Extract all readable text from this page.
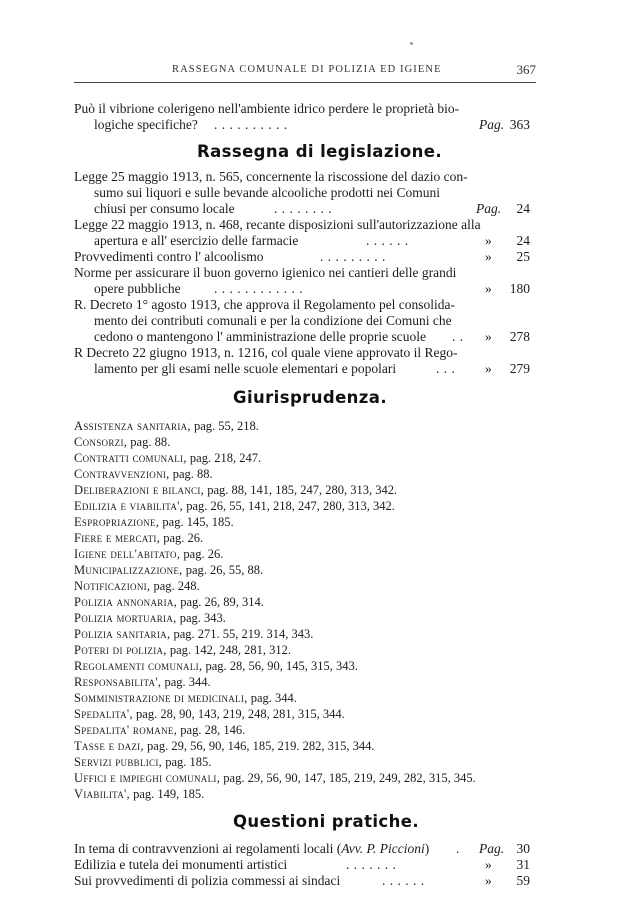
RASSEGNA COMUNALE DI POLIZIA ED IGIENE	367
Può il vibrione colerigeno nell'ambiente idrico perdere le proprietà bio-
logiche specifiche? . . . . . . . . . .	Pag. 363
Rassegna di legislazione.
Legge 25 maggio 1913, n. 565, concernente la riscossione del dazio con-
sumo sui liquori e sulle bevande alcooliche prodotti nei Comuni
chiusi per consumo locale	. . . . . . . .	Pag. 24
Legge 22 maggio 1913, n. 468, recante disposizioni sull'autorizzazione alla
apertura e all' esercizio delle farmacie	. . . . . .	» 24
Provvedimenti contro l' alcoolismo	. . . . . . . . .	» 25
Norme per assicurare il buon governo igienico nei cantieri delle grandi
opere pubbliche . . . . . . . . . . . .	» 180
R. Decreto 1° agosto 1913, che approva il Regolamento pel consolida-
mento dei contributi comunali e per la condizione dei Comuni che
cedono o mantengono l' amministrazione delle proprie scuole . . » 278
R Decreto 22 giugno 1913, n. 1216, col quale viene approvato il Rego-
lamento per gli esami nelle scuole elementari e popolari	. . . » 279
Giurisprudenza.
Assistenza sanitaria, pag. 55, 218.
Consorzi, pag. 88.
Contratti comunali, pag. 218, 247.
Contravvenzioni, pag. 88.
Deliberazioni e bilanci, pag. 88, 141, 185, 247, 280, 313, 342.
Edilizia e viabilita', pag. 26, 55, 141, 218, 247, 280, 313, 342.
Espropriazione, pag. 145, 185.
Fiere e mercati, pag. 26.
Igiene dell'abitato, pag. 26.
Municipalizzazione, pag. 26, 55, 88.
Notificazioni, pag. 248.
Polizia annonaria, pag. 26, 89, 314.
Polizia mortuaria, pag. 343.
Polizia sanitaria, pag. 271. 55, 219. 314, 343.
Poteri di polizia, pag. 142, 248, 281, 312.
Regolamenti comunali, pag. 28, 56, 90, 145, 315, 343.
Responsabilita', pag. 344.
Somministrazione di medicinali, pag. 344.
Spedalita', pag. 28, 90, 143, 219, 248, 281, 315, 344.
Spedalita' romane, pag. 28, 146.
Tasse e dazi, pag. 29, 56, 90, 146, 185, 219. 282, 315, 344.
Servizi pubblici, pag. 185.
Uffici e impieghi comunali, pag. 29, 56, 90, 147, 185, 219, 249, 282, 315, 345.
Viabilita', pag. 149, 185.
Questioni pratiche.
In tema di contravvenzioni ai regolamenti locali (Avv. P. Piccioni) . Pag. 30
Edilizia e tutela dei monumenti artistici	. . . . . . .	» 31
Sui provvedimenti di polizia commessi ai sindaci	. . . . . .	» 59
